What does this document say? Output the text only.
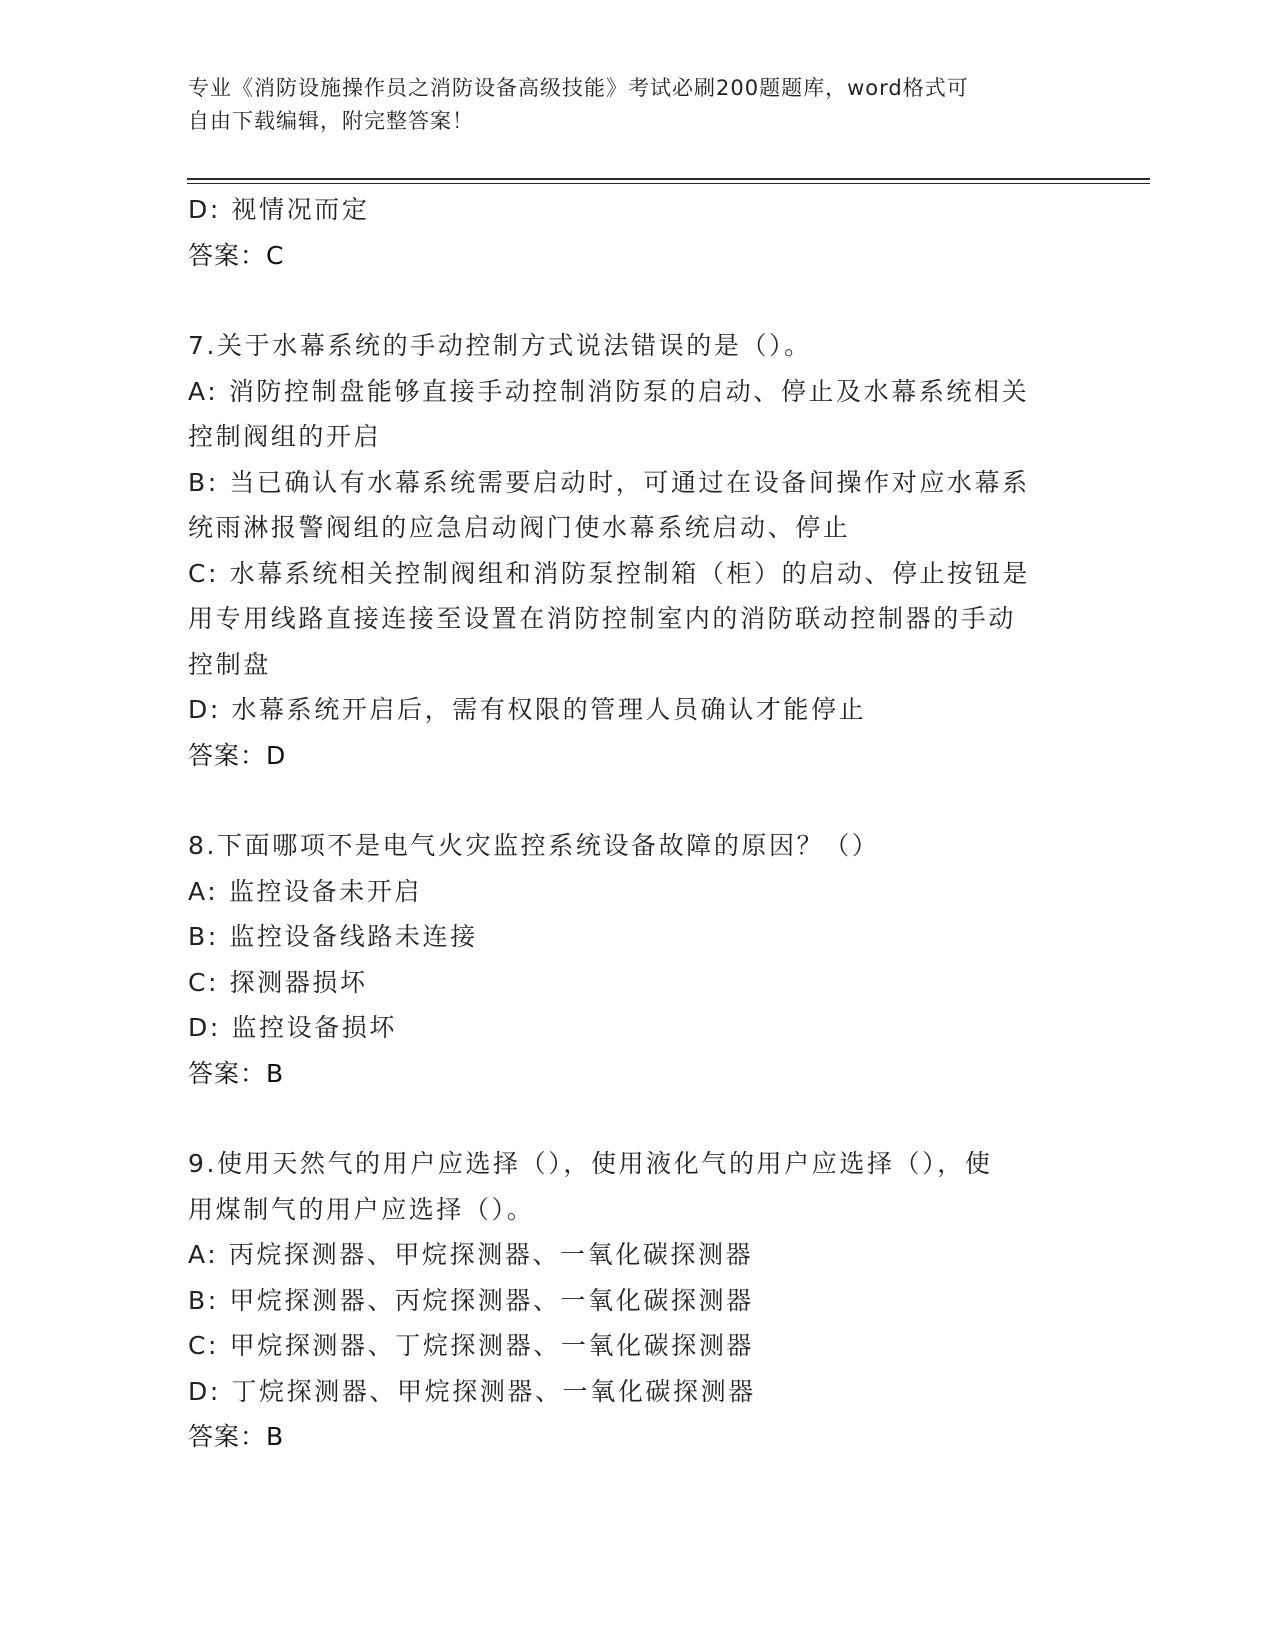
专业《消防设施操作员之消防设备高级技能》考试必刷200题题库，word格式可
自由下载编辑，附完整答案！
D: 视情况而定
答案：C
7.关于水幕系统的手动控制方式说法错误的是（）。
A: 消防控制盘能够直接手动控制消防泵的启动、停止及水幕系统相关
控制阀组的开启
B: 当已确认有水幕系统需要启动时，可通过在设备间操作对应水幕系
统雨淋报警阀组的应急启动阀门使水幕系统启动、停止
C: 水幕系统相关控制阀组和消防泵控制箱（柜）的启动、停止按钮是
用专用线路直接连接至设置在消防控制室内的消防联动控制器的手动
控制盘
D: 水幕系统开启后，需有权限的管理人员确认才能停止
答案：D
8.下面哪项不是电气火灾监控系统设备故障的原因？（）
A: 监控设备未开启
B: 监控设备线路未连接
C: 探测器损坏
D: 监控设备损坏
答案：B
9.使用天然气的用户应选择（），使用液化气的用户应选择（），使
用煤制气的用户应选择（）。
A: 丙烷探测器、甲烷探测器、一氧化碳探测器
B: 甲烷探测器、丙烷探测器、一氧化碳探测器
C: 甲烷探测器、丁烷探测器、一氧化碳探测器
D: 丁烷探测器、甲烷探测器、一氧化碳探测器
答案：B
